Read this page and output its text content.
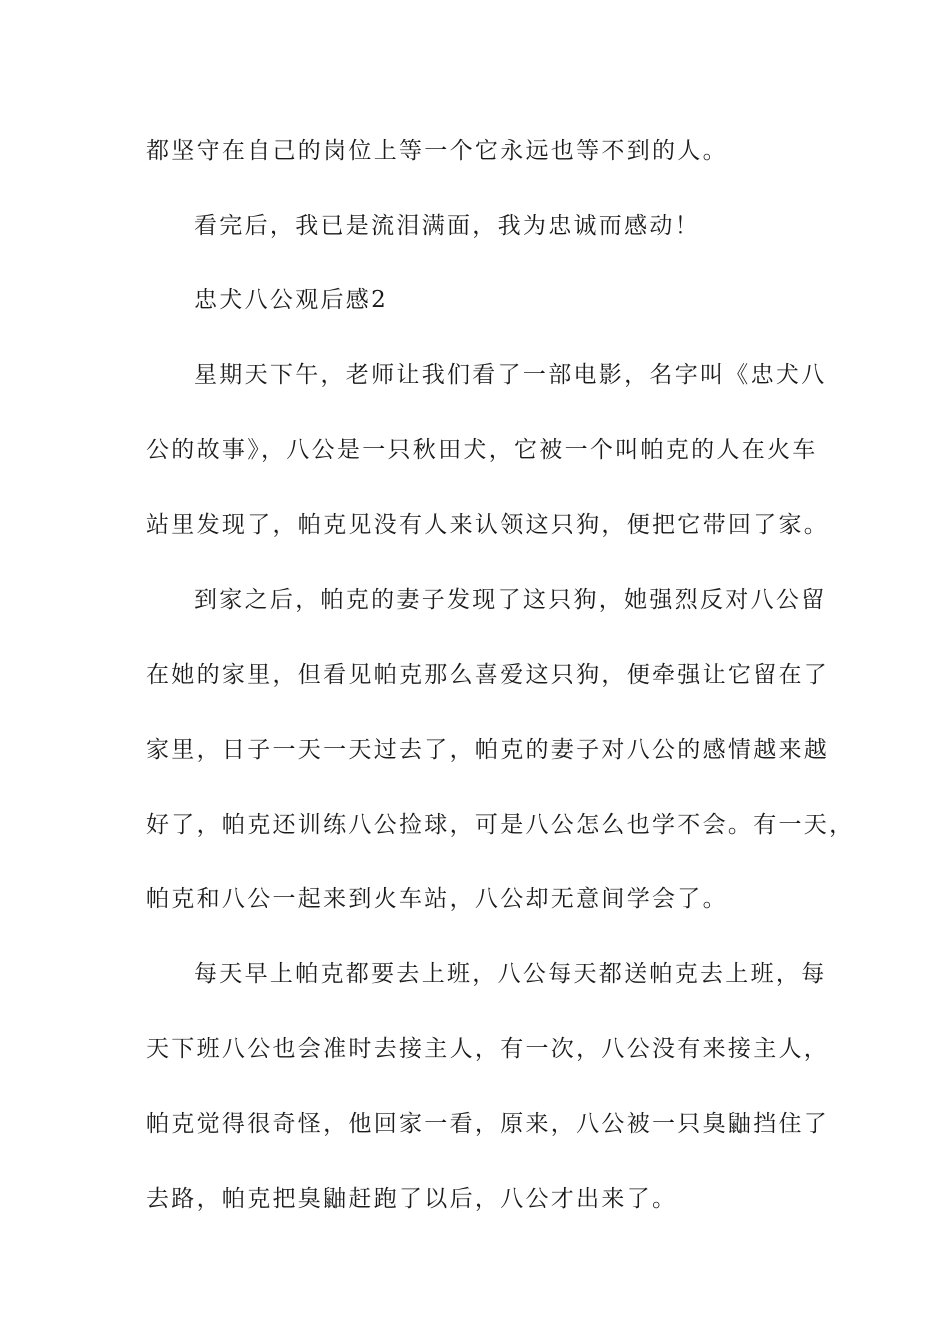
都坚守在自己的岗位上等一个它永远也等不到的人。
看完后，我已是流泪满面，我为忠诚而感动！
忠犬八公观后感2
星期天下午，老师让我们看了一部电影，名字叫《忠犬八
公的故事》，八公是一只秋田犬，它被一个叫帕克的人在火车
站里发现了，帕克见没有人来认领这只狗，便把它带回了家。
到家之后，帕克的妻子发现了这只狗，她强烈反对八公留
在她的家里，但看见帕克那么喜爱这只狗，便牵强让它留在了
家里，日子一天一天过去了，帕克的妻子对八公的感情越来越
好了，帕克还训练八公捡球，可是八公怎么也学不会。有一天，
帕克和八公一起来到火车站，八公却无意间学会了。
每天早上帕克都要去上班，八公每天都送帕克去上班，每
天下班八公也会准时去接主人，有一次，八公没有来接主人，
帕克觉得很奇怪，他回家一看，原来，八公被一只臭鼬挡住了
去路，帕克把臭鼬赶跑了以后，八公才出来了。
